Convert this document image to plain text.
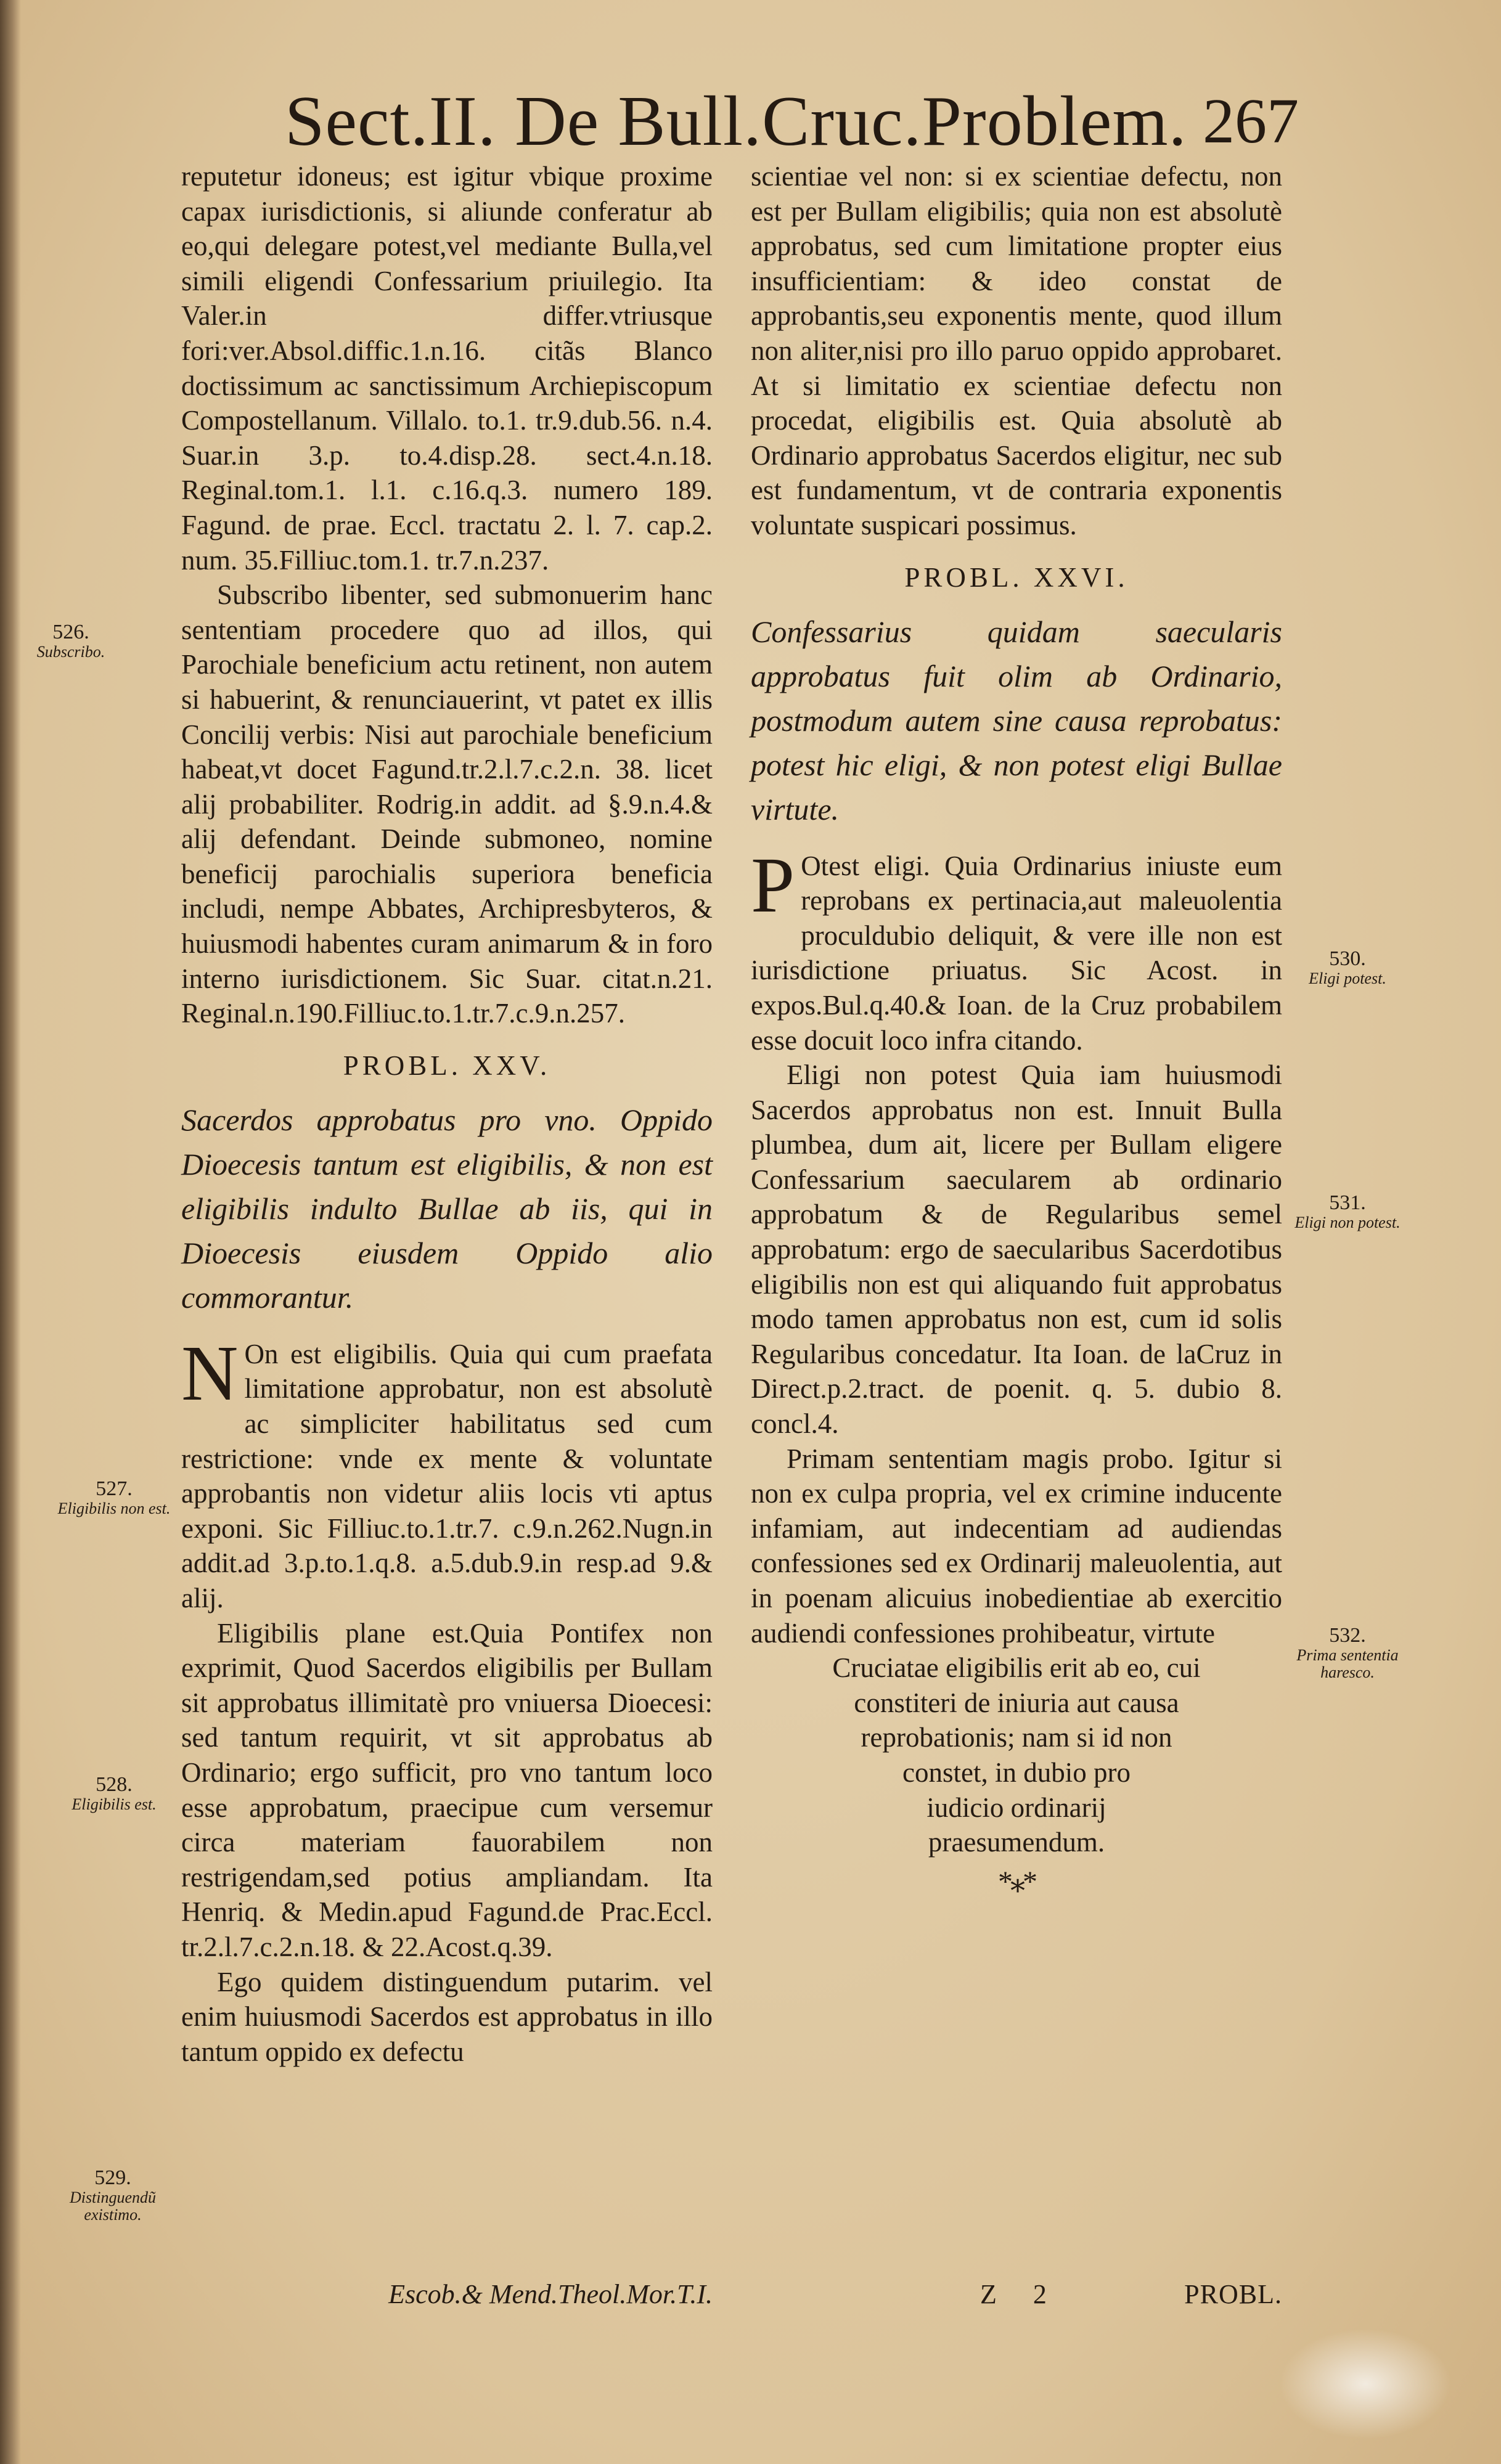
Sect.II. De Bull.Cruc.Problem. 267

reputetur idoneus; est igitur vbique proxime capax iurisdictionis, si aliunde conferatur ab eo,qui delegare potest,vel mediante Bulla,vel simili eligendi Confessarium priuilegio. Ita Valer.in differ.vtriusque fori:ver.Absol.diffic.1.n.16. citãs Blanco doctissimum ac sanctissimum Archiepiscopum Compostellanum. Villalo. to.1. tr.9.dub.56. n.4. Suar.in 3.p. to.4.disp.28. sect.4.n.18. Reginal.tom.1. l.1. c.16.q.3. numero 189. Fagund. de prae. Eccl. tractatu 2. l. 7. cap.2. num. 35.Filliuc.tom.1. tr.7.n.237.

Subscribo libenter, sed submonuerim hanc sententiam procedere quo ad illos, qui Parochiale beneficium actu retinent, non autem si habuerint, & renunciauerint, vt patet ex illis Concilij verbis: Nisi aut parochiale beneficium habeat,vt docet Fagund.tr.2.l.7.c.2.n. 38. licet alij probabiliter. Rodrig.in addit. ad §.9.n.4.& alij defendant. Deinde submoneo, nomine beneficij parochialis superiora beneficia includi, nempe Abbates, Archipresbyteros, & huiusmodi habentes curam animarum & in foro interno iurisdictionem. Sic Suar. citat.n.21. Reginal.n.190.Filliuc.to.1.tr.7.c.9.n.257.

PROBL. XXV.
Sacerdos approbatus pro vno. Oppido Dioecesis tantum est eligibilis, & non est eligibilis indulto Bullae ab iis, qui in Dioecesis eiusdem Oppido alio commorantur.

N On est eligibilis. Quia qui cum praefata limitatione approbatur, non est absolutè ac simpliciter habilitatus sed cum restrictione: vnde ex mente & voluntate approbantis non videtur aliis locis vti aptus exponi. Sic Filliuc.to.1.tr.7. c.9.n.262.Nugn.in addit.ad 3.p.to.1.q.8. a.5.dub.9.in resp.ad 9.& alij.

Eligibilis plane est.Quia Pontifex non exprimit, Quod Sacerdos eligibilis per Bullam sit approbatus illimitatè pro vniuersa Dioecesi: sed tantum requirit, vt sit approbatus ab Ordinario; ergo sufficit, pro vno tantum loco esse approbatum, praecipue cum versemur circa materiam fauorabilem non restrigendam,sed potius ampliandam. Ita Henriq. & Medin.apud Fagund.de Prac.Eccl. tr.2.l.7.c.2.n.18. & 22.Acost.q.39.

Ego quidem distinguendum putarim. vel enim huiusmodi Sacerdos est approbatus in illo tantum oppido ex defectu

scientiae vel non: si ex scientiae defectu, non est per Bullam eligibilis; quia non est absolutè approbatus, sed cum limitatione propter eius insufficientiam: & ideo constat de approbantis,seu exponentis mente, quod illum non aliter,nisi pro illo paruo oppido approbaret. At si limitatio ex scientiae defectu non procedat, eligibilis est. Quia absolutè ab Ordinario approbatus Sacerdos eligitur, nec sub est fundamentum, vt de contraria exponentis voluntate suspicari possimus.

PROBL. XXVI.
Confessarius quidam saecularis approbatus fuit olim ab Ordinario, postmodum autem sine causa reprobatus: potest hic eligi, & non potest eligi Bullae virtute.

P Otest eligi. Quia Ordinarius iniuste eum reprobans ex pertinacia,aut maleuolentia proculdubio deliquit, & vere ille non est iurisdictione priuatus. Sic Acost. in expos.Bul.q.40.& Ioan. de la Cruz probabilem esse docuit loco infra citando.

Eligi non potest Quia iam huiusmodi Sacerdos approbatus non est. Innuit Bulla plumbea, dum ait, licere per Bullam eligere Confessarium saecularem ab ordinario approbatum & de Regularibus semel approbatum: ergo de saecularibus Sacerdotibus eligibilis non est qui aliquando fuit approbatus modo tamen approbatus non est, cum id solis Regularibus concedatur. Ita Ioan. de laCruz in Direct.p.2.tract. de poenit. q. 5. dubio 8. concl.4.

Primam sententiam magis probo. Igitur si non ex culpa propria, vel ex crimine inducente infamiam, aut indecentiam ad audiendas confessiones sed ex Ordinarij maleuolentia, aut in poenam alicuius inobedientiae ab exercitio audiendi confessiones prohibeatur, virtute

Cruciatae eligibilis erit ab eo, cui

constiteri de iniuria aut causa

reprobationis; nam si id non

constet, in dubio pro

iudicio ordinarij

praesumendum.

*⁎*
526.
Subscribo.
527.
Eligibilis non est.
528.
Eligibilis est.
529.
Distinguendũ existimo.
530.
Eligi potest.
531.
Eligi non potest.
532.
Prima sententia haresco.
Escob.& Mend.Theol.Mor.T.I.	Z 2	PROBL.
